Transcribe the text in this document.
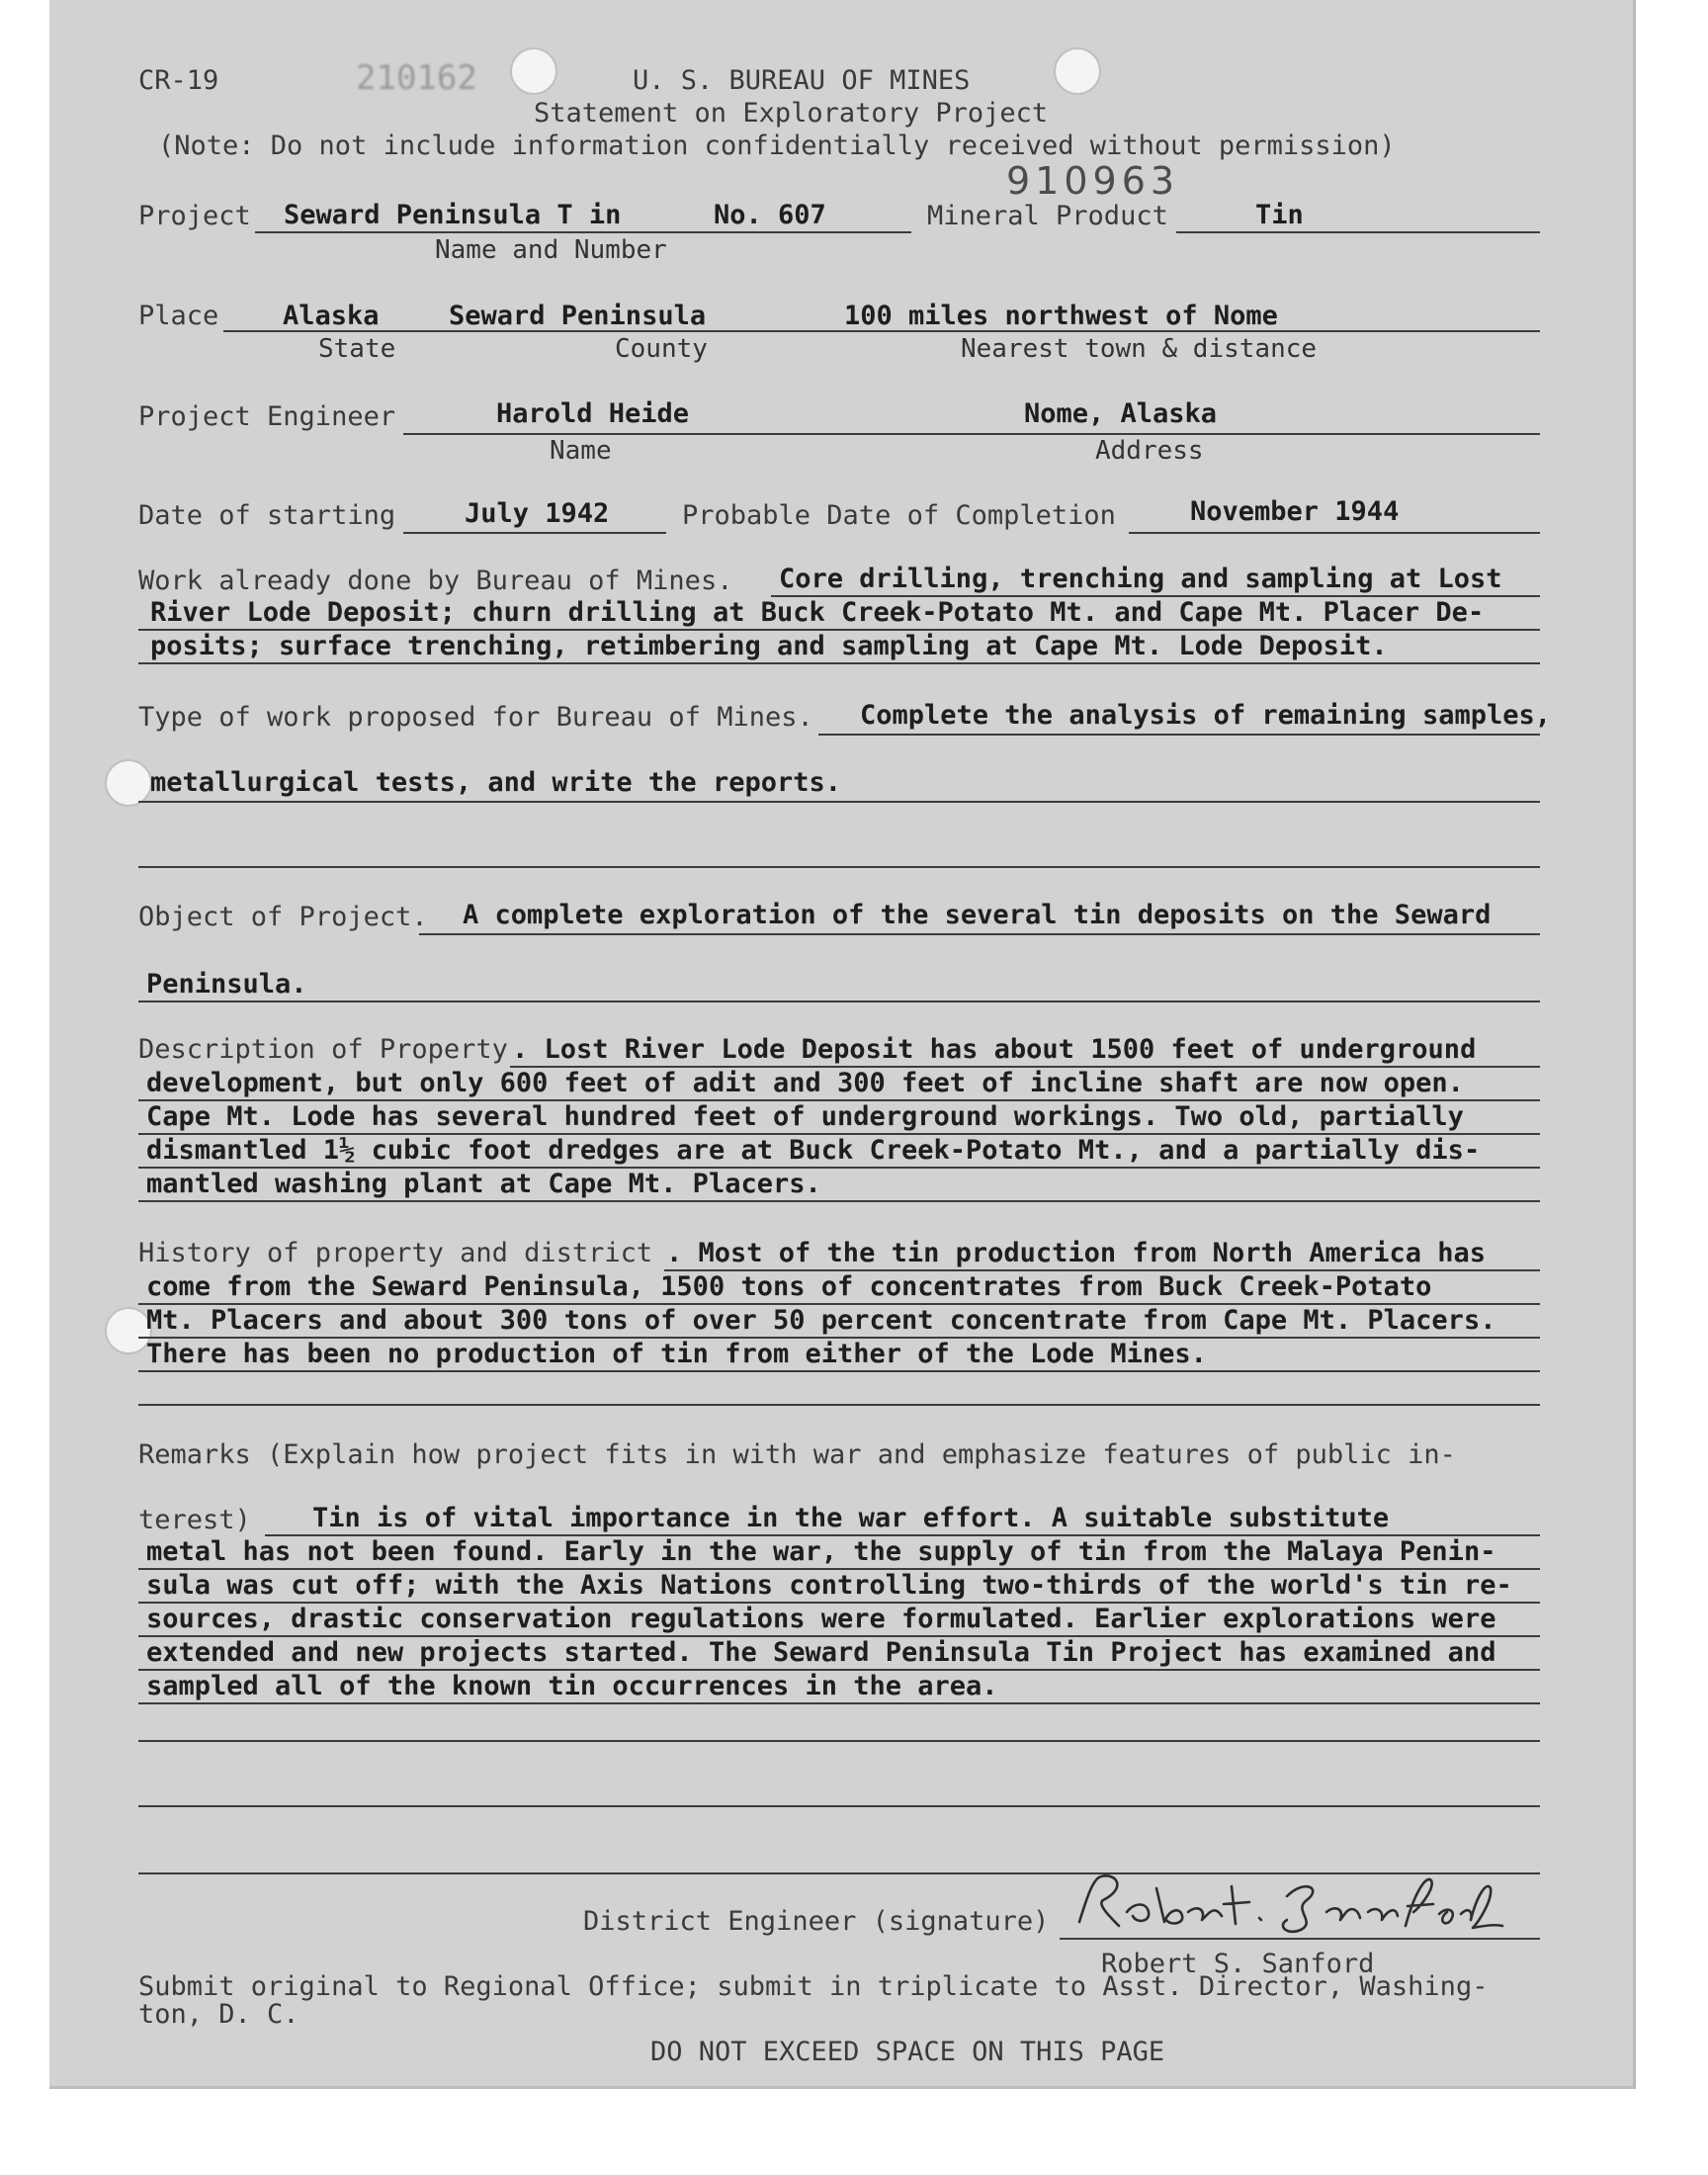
CR-19	210162	U. S. BUREAU OF MINES
Statement on Exploratory Project
(Note: Do not include information confidentially received without permission)
910963
Project Seward Peninsula T in	No. 607	Mineral Product	Tin
Name and Number
Place Alaska	Seward Peninsula	100 miles northwest of Nome
State	County	Nearest town & distance
Project Engineer	Harold Heide	Nome, Alaska
Name	Address
Date of starting	July 1942	Probable Date of Completion	November 1944
Work already done by Bureau of Mines. Core drilling, trenching and sampling at Lost
River Lode Deposit; churn drilling at Buck Creek-Potato Mt. and Cape Mt. Placer De-
posits; surface trenching, retimbering and sampling at Cape Mt. Lode Deposit.
Type of work proposed for Bureau of Mines. Complete the analysis of remaining samples,
metallurgical tests, and write the reports.
Object of Project. A complete exploration of the several tin deposits on the Seward
Peninsula.
Description of Property . Lost River Lode Deposit has about 1500 feet of underground
development, but only 600 feet of adit and 300 feet of incline shaft are now open.
Cape Mt. Lode has several hundred feet of underground workings. Two old, partially
dismantled 1½ cubic foot dredges are at Buck Creek-Potato Mt., and a partially dis-
mantled washing plant at Cape Mt. Placers.
History of property and district . Most of the tin production from North America has
come from the Seward Peninsula, 1500 tons of concentrates from Buck Creek-Potato
Mt. Placers and about 300 tons of over 50 percent concentrate from Cape Mt. Placers.
There has been no production of tin from either of the Lode Mines.
Remarks (Explain how project fits in with war and emphasize features of public in-
terest) Tin is of vital importance in the war effort. A suitable substitute
metal has not been found. Early in the war, the supply of tin from the Malaya Penin-
sula was cut off; with the Axis Nations controlling two-thirds of the world's tin re-
sources, drastic conservation regulations were formulated. Earlier explorations were
extended and new projects started. The Seward Peninsula Tin Project has examined and
sampled all of the known tin occurrences in the area.
District Engineer (signature)
Robert S. Sanford
Submit original to Regional Office; submit in triplicate to Asst. Director, Washing-
ton, D. C.
DO NOT EXCEED SPACE ON THIS PAGE
